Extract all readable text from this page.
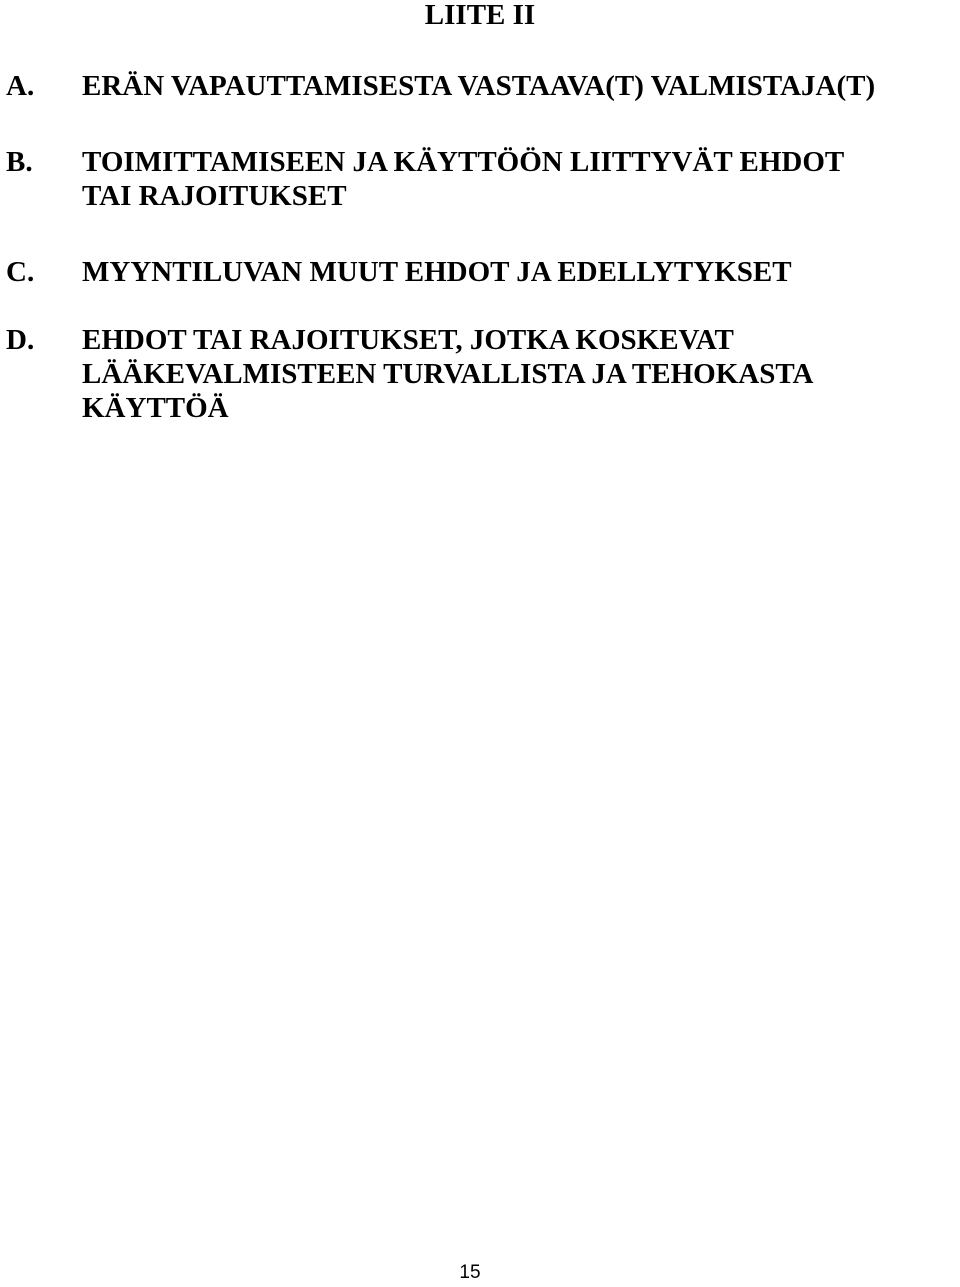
LIITE II
A. ERÄN VAPAUTTAMISESTA VASTAAVA(T) VALMISTAJA(T)
B. TOIMITTAMISEEN JA KÄYTTÖÖN LIITTYVÄT EHDOT
TAI RAJOITUKSET
C. MYYNTILUVAN MUUT EHDOT JA EDELLYTYKSET
D. EHDOT TAI RAJOITUKSET, JOTKA KOSKEVAT
LÄÄKEVALMISTEEN TURVALLISTA JA TEHOKASTA
KÄYTTÖÄ
15
